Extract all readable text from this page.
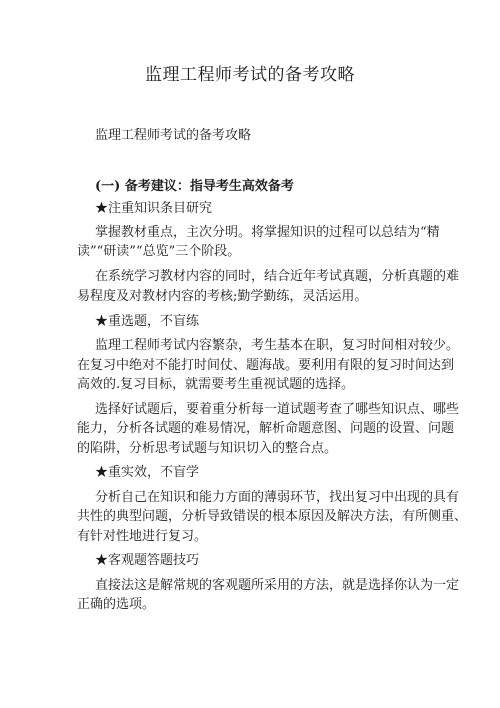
监理工程师考试的备考攻略
监理工程师考试的备考攻略
(一) 备考建议：指导考生高效备考
★注重知识条目研究
掌握教材重点，主次分明。将掌握知识的过程可以总结为“精
读”“研读”“总览”三个阶段。
在系统学习教材内容的同时，结合近年考试真题，分析真题的难
易程度及对教材内容的考核;勤学勤练，灵活运用。
★重选题，不盲练
监理工程师考试内容繁杂，考生基本在职，复习时间相对较少。
在复习中绝对不能打时间仗、题海战。要利用有限的复习时间达到
高效的.复习目标，就需要考生重视试题的选择。
选择好试题后，要着重分析每一道试题考查了哪些知识点、哪些
能力，分析各试题的难易情况，解析命题意图、问题的设置、问题
的陷阱，分析思考试题与知识切入的整合点。
★重实效，不盲学
分析自己在知识和能力方面的薄弱环节，找出复习中出现的具有
共性的典型问题，分析导致错误的根本原因及解决方法，有所侧重、
有针对性地进行复习。
★客观题答题技巧
直接法这是解常规的客观题所采用的方法，就是选择你认为一定
正确的选项。
